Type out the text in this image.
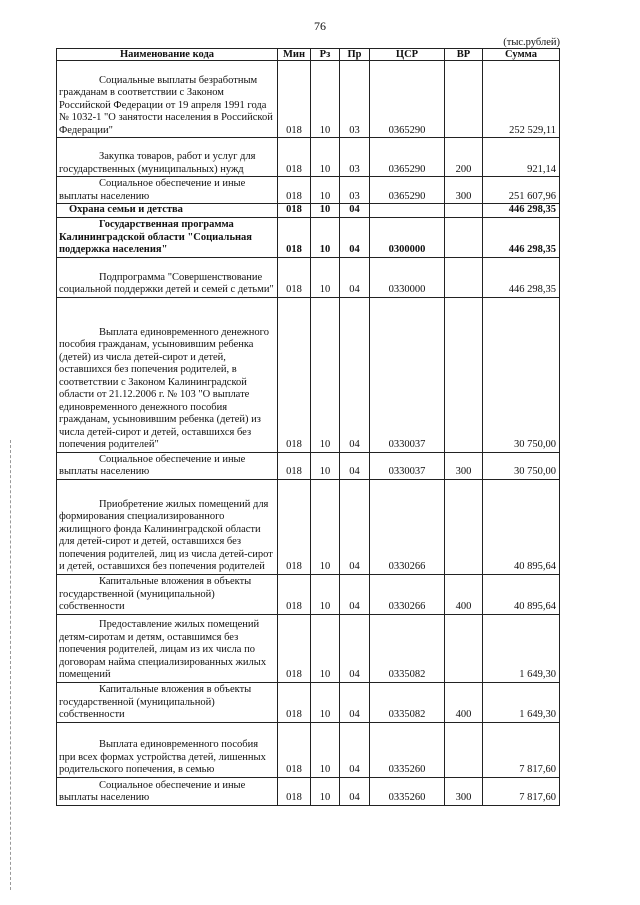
76
(тыс.рублей)
Наименование кода	Мин	Рз	Пр	ЦСР	ВР	Сумма
Социальные выплаты безработным гражданам в соответствии с Законом Российской Федерации от 19 апреля 1991 года № 1032-1 "О занятости населения в Российской Федерации"	018	10	03	0365290		252 529,11
Закупка товаров, работ и услуг для государственных (муниципальных) нужд	018	10	03	0365290	200	921,14
Социальное обеспечение и иные выплаты населению	018	10	03	0365290	300	251 607,96
Охрана семьи и детства	018	10	04			446 298,35
Государственная программа Калининградской области "Социальная поддержка населения"	018	10	04	0300000		446 298,35
Подпрограмма "Совершенствование социальной поддержки детей и семей с детьми"	018	10	04	0330000		446 298,35
Выплата единовременного денежного пособия гражданам, усыновившим ребенка (детей) из числа детей-сирот и детей, оставшихся без попечения родителей, в соответствии с Законом Калининградской области от 21.12.2006 г. № 103 "О выплате единовременного денежного пособия гражданам, усыновившим ребенка (детей) из числа детей-сирот и детей, оставшихся без попечения родителей"	018	10	04	0330037		30 750,00
Социальное обеспечение и иные выплаты населению	018	10	04	0330037	300	30 750,00
Приобретение жилых помещений для формирования специализированного жилищного фонда Калининградской области для детей-сирот и детей, оставшихся без попечения родителей, лиц из числа детей-сирот и детей, оставшихся без попечения родителей	018	10	04	0330266		40 895,64
Капитальные вложения в объекты государственной (муниципальной) собственности	018	10	04	0330266	400	40 895,64
Предоставление жилых помещений детям-сиротам и детям, оставшимся без попечения родителей, лицам из их числа по договорам найма специализированных жилых помещений	018	10	04	0335082		1 649,30
Капитальные вложения в объекты государственной (муниципальной) собственности	018	10	04	0335082	400	1 649,30
Выплата единовременного пособия при всех формах устройства детей, лишенных родительского попечения, в семью	018	10	04	0335260		7 817,60
Социальное обеспечение и иные выплаты населению	018	10	04	0335260	300	7 817,60
